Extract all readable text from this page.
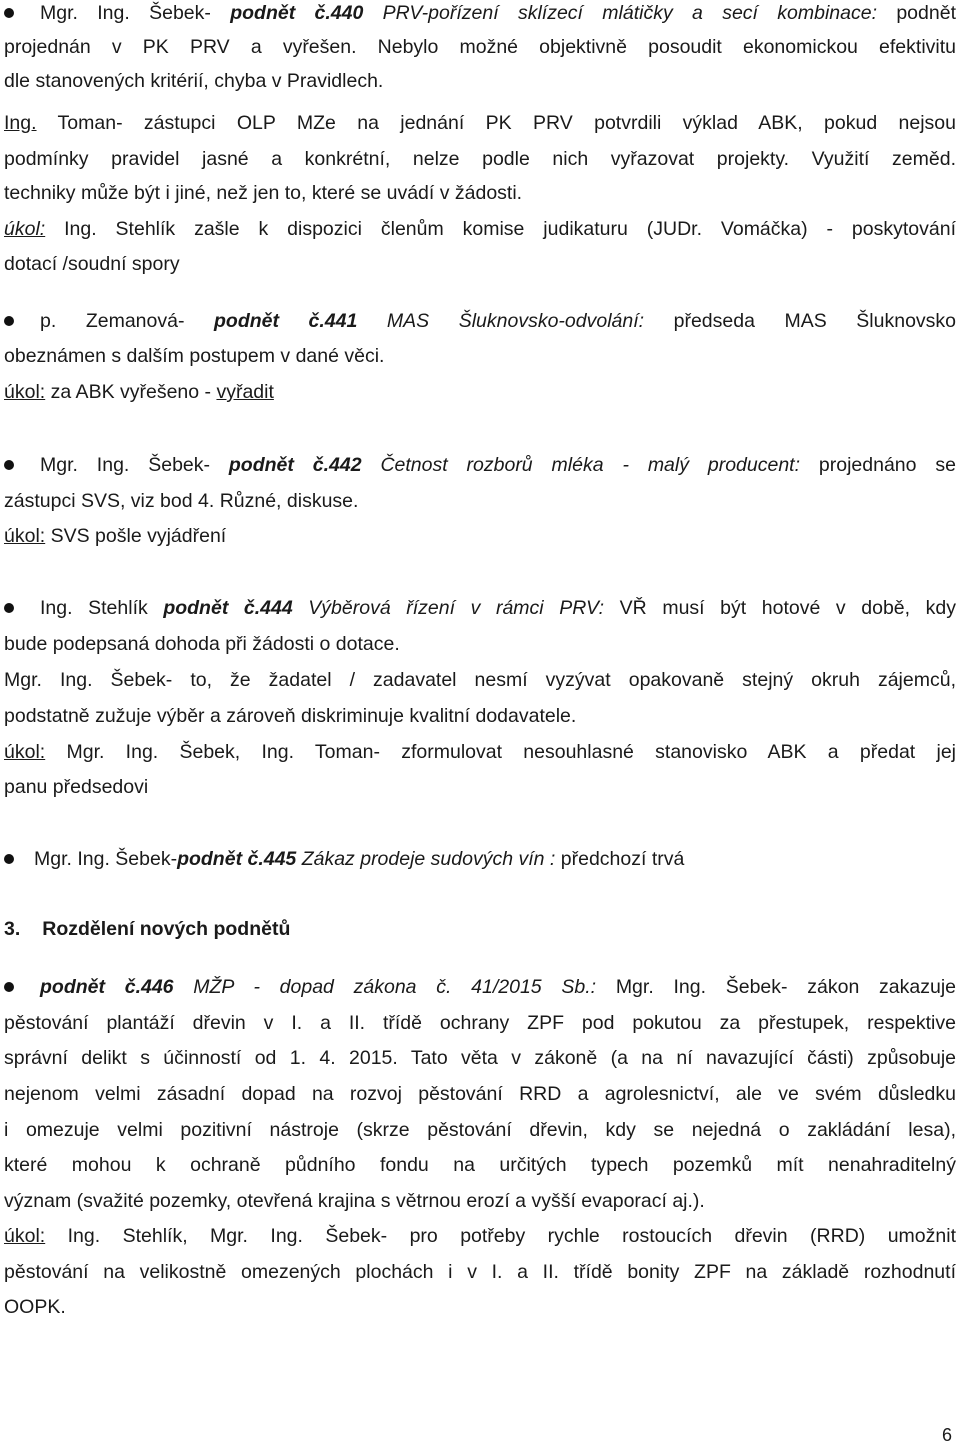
Mgr. Ing. Šebek- podnět č.440 PRV-pořízení sklízecí mlátičky a secí kombinace: podnět
projednán v PK PRV a vyřešen. Nebylo možné objektivně posoudit ekonomickou efektivitu
dle stanovených kritérií, chyba v Pravidlech.
Ing. Toman- zástupci OLP MZe na jednání PK PRV potvrdili výklad ABK, pokud nejsou
podmínky pravidel jasné a konkrétní, nelze podle nich vyřazovat projekty. Využití zeměd.
techniky může být i jiné, než jen to, které se uvádí v žádosti.
úkol: Ing. Stehlík zašle k dispozici členům komise judikaturu (JUDr. Vomáčka) - poskytování
dotací /soudní spory
p. Zemanová- podnět č.441 MAS Šluknovsko-odvolání: předseda MAS Šluknovsko
obeznámen s dalším postupem v dané věci.
úkol: za ABK vyřešeno - vyřadit
Mgr. Ing. Šebek- podnět č.442 Četnost rozborů mléka - malý producent: projednáno se
zástupci SVS, viz bod 4. Různé, diskuse.
úkol: SVS pošle vyjádření
Ing. Stehlík podnět č.444 Výběrová řízení v rámci PRV: VŘ musí být hotové v době, kdy
bude podepsaná dohoda při žádosti o dotace.
Mgr. Ing. Šebek- to, že žadatel / zadavatel nesmí vyzývat opakovaně stejný okruh zájemců,
podstatně zužuje výběr a zároveň diskriminuje kvalitní dodavatele.
úkol: Mgr. Ing. Šebek, Ing. Toman- zformulovat nesouhlasné stanovisko ABK a předat jej
panu předsedovi
Mgr. Ing. Šebek-podnět č.445 Zákaz prodeje sudových vín : předchozí trvá
3. Rozdělení nových podnětů
podnět č.446 MŽP - dopad zákona č. 41/2015 Sb.: Mgr. Ing. Šebek- zákon zakazuje
pěstování plantáží dřevin v I. a II. třídě ochrany ZPF pod pokutou za přestupek, respektive
správní delikt s účinností od 1. 4. 2015. Tato věta v zákoně (a na ní navazující části) způsobuje
nejenom velmi zásadní dopad na rozvoj pěstování RRD a agrolesnictví, ale ve svém důsledku
i omezuje velmi pozitivní nástroje (skrze pěstování dřevin, kdy se nejedná o zakládání lesa),
které mohou k ochraně půdního fondu na určitých typech pozemků mít nenahraditelný
význam (svažité pozemky, otevřená krajina s větrnou erozí a vyšší evaporací aj.).
úkol: Ing. Stehlík, Mgr. Ing. Šebek- pro potřeby rychle rostoucích dřevin (RRD) umožnit
pěstování na velikostně omezených plochách i v I. a II. třídě bonity ZPF na základě rozhodnutí
OOPK.
6
